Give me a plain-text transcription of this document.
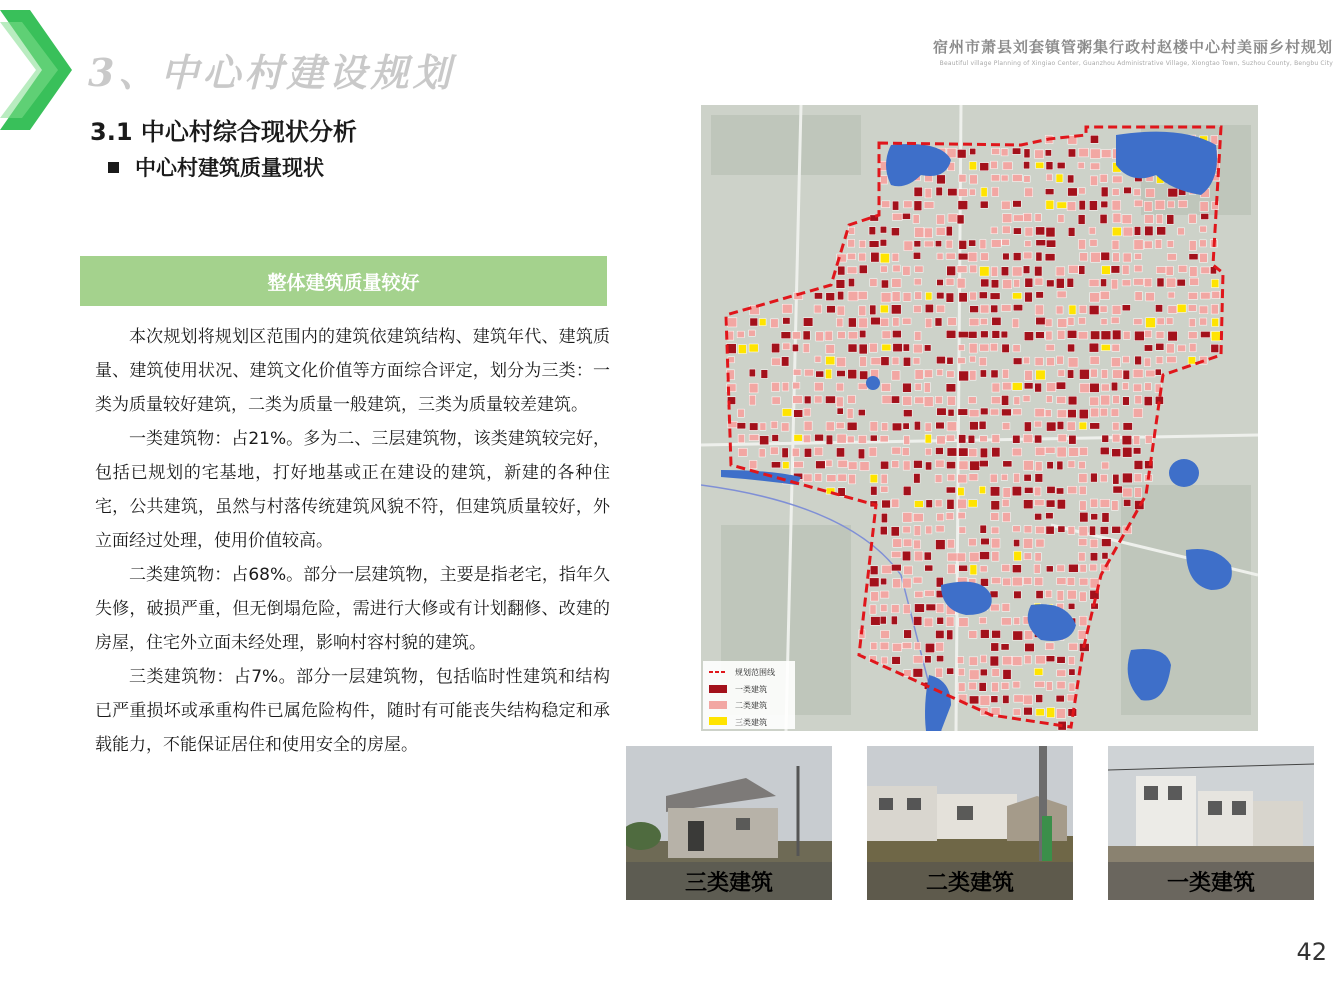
3、中心村建设规划
宿州市萧县刘套镇管粥集行政村赵楼中心村美丽乡村规划
Beautiful village Planning of Xingiao Center, Guanzhou Administrative Village, Xiongtao Town, Suzhou County, Bengbu City
3.1 中心村综合现状分析
中心村建筑质量现状
整体建筑质量较好

本次规划将规划区范围内的建筑依建筑结构、建筑年代、建筑质量、建筑使用状况、建筑文化价值等方面综合评定，划分为三类：一类为质量较好建筑，二类为质量一般建筑，三类为质量较差建筑。

一类建筑物：占21%。多为二、三层建筑物，该类建筑较完好，包括已规划的宅基地，打好地基或正在建设的建筑，新建的各种住宅，公共建筑，虽然与村落传统建筑风貌不符，但建筑质量较好，外立面经过处理，使用价值较高。

二类建筑物：占68%。部分一层建筑物，主要是指老宅，指年久失修，破损严重，但无倒塌危险，需进行大修或有计划翻修、改建的房屋，住宅外立面未经处理，影响村容村貌的建筑。

三类建筑物：占7%。部分一层建筑物，包括临时性建筑和结构已严重损坏或承重构件已属危险构件，随时有可能丧失结构稳定和承载能力，不能保证居住和使用安全的房屋。

规划范围线
一类建筑
二类建筑
三类建筑
三类建筑	二类建筑	一类建筑
42
